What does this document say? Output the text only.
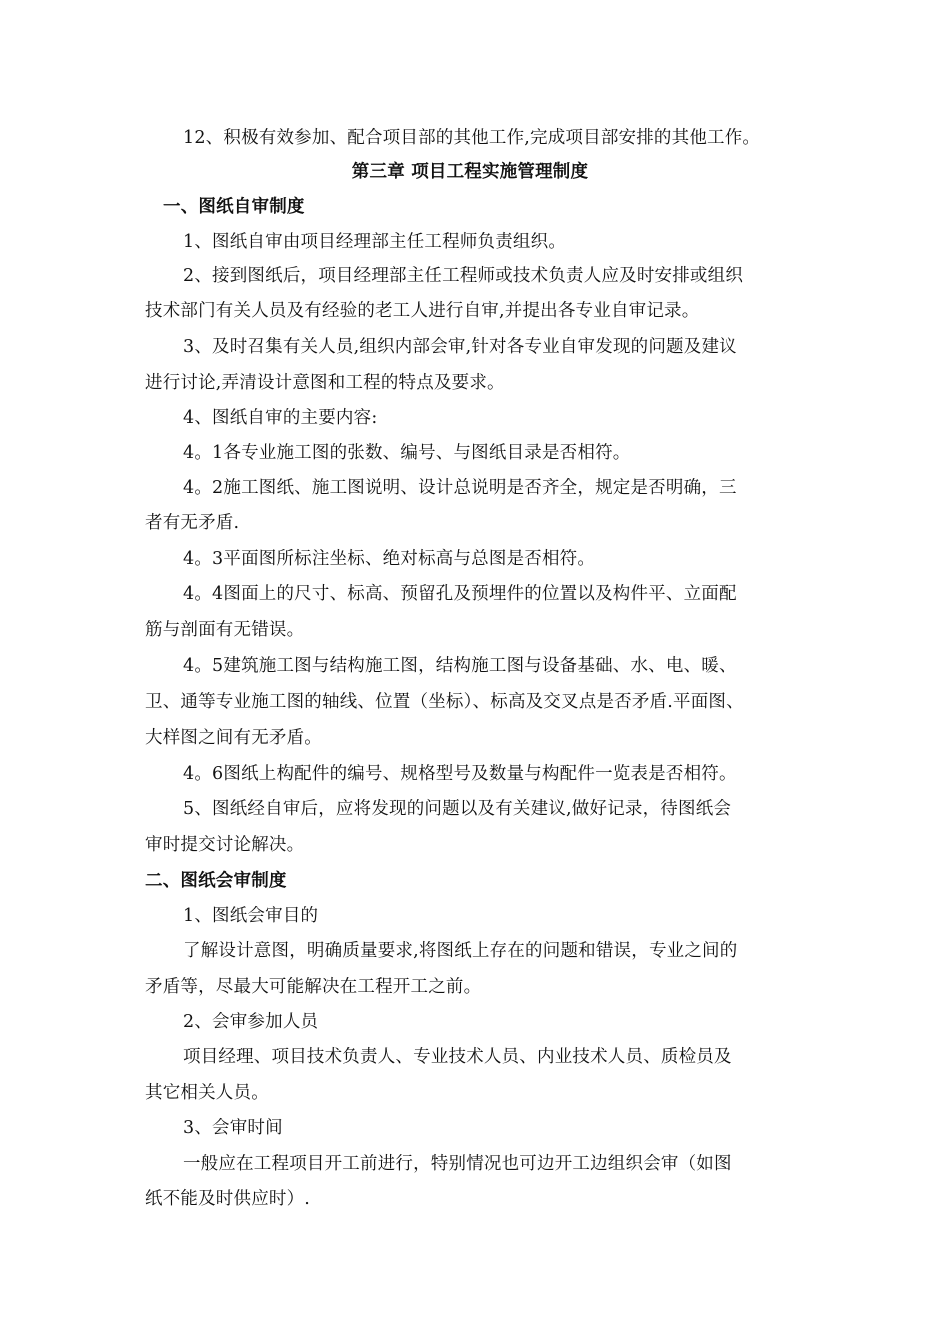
12、积极有效参加、配合项目部的其他工作,完成项目部安排的其他工作。
第三章 项目工程实施管理制度
一、图纸自审制度
1、图纸自审由项目经理部主任工程师负责组织。
2、接到图纸后，项目经理部主任工程师或技术负责人应及时安排或组织
技术部门有关人员及有经验的老工人进行自审,并提出各专业自审记录。
3、及时召集有关人员,组织内部会审,针对各专业自审发现的问题及建议
进行讨论,弄清设计意图和工程的特点及要求。
4、图纸自审的主要内容:
4。1各专业施工图的张数、编号、与图纸目录是否相符。
4。2施工图纸、施工图说明、设计总说明是否齐全，规定是否明确，三
者有无矛盾.
4。3平面图所标注坐标、绝对标高与总图是否相符。
4。4图面上的尺寸、标高、预留孔及预埋件的位置以及构件平、立面配
筋与剖面有无错误。
4。5建筑施工图与结构施工图，结构施工图与设备基础、水、电、暖、
卫、通等专业施工图的轴线、位置（坐标）、标高及交叉点是否矛盾.平面图、
大样图之间有无矛盾。
4。6图纸上构配件的编号、规格型号及数量与构配件一览表是否相符。
5、图纸经自审后，应将发现的问题以及有关建议,做好记录，待图纸会
审时提交讨论解决。
二、图纸会审制度
1、图纸会审目的
了解设计意图，明确质量要求,将图纸上存在的问题和错误，专业之间的
矛盾等，尽最大可能解决在工程开工之前。
2、会审参加人员
项目经理、项目技术负责人、专业技术人员、内业技术人员、质检员及
其它相关人员。
3、会审时间
一般应在工程项目开工前进行，特别情况也可边开工边组织会审（如图
纸不能及时供应时）.
